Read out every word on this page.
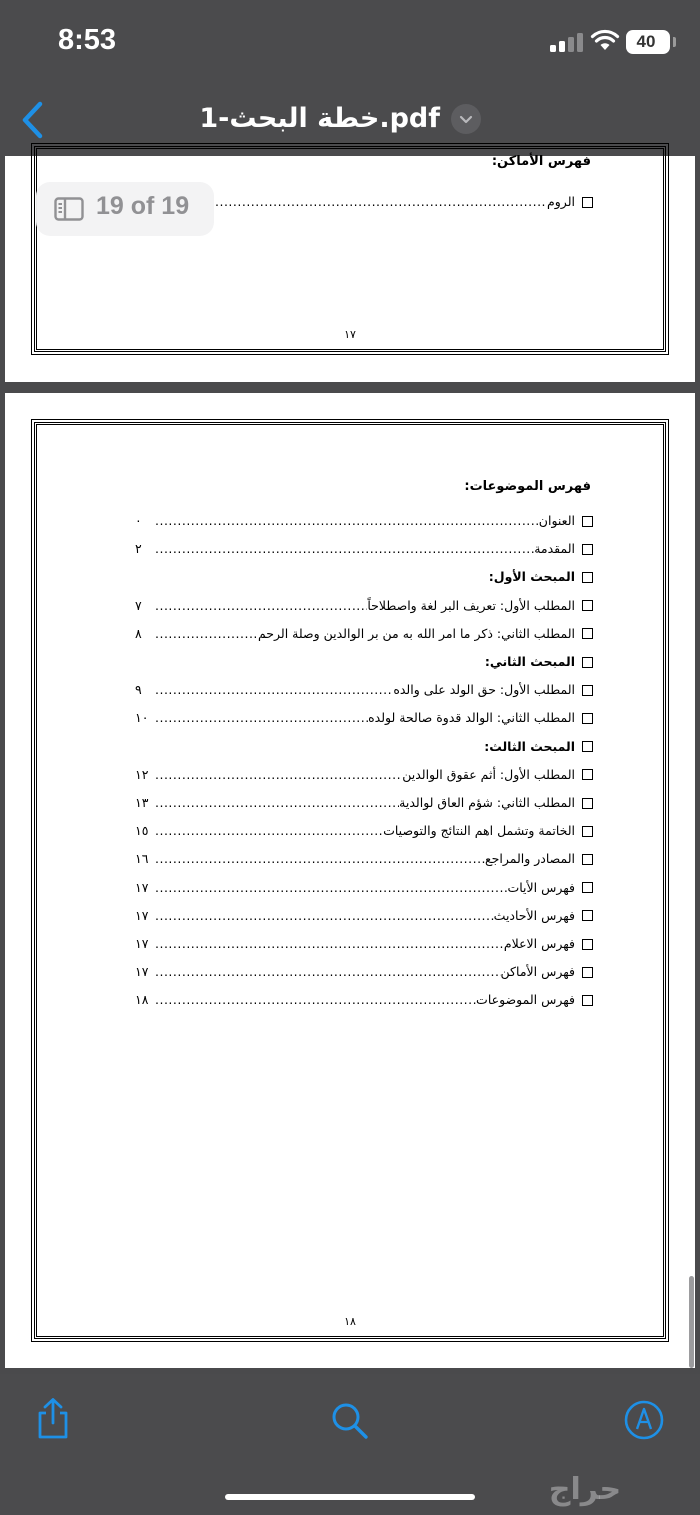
8:53	40
خطة البحث-1.pdf
فهرس الأماكن:
الروم
.....
١٧
فهرس الموضوعات:
العنوان
.....
٠
المقدمة
.....
٢
المبحث الأول:
المطلب الأول: تعريف البر لغة واصطلاحاً
.....
٧
المطلب الثاني: ذكر ما امر الله به من بر الوالدين وصلة الرحم
.....
٨
المبحث الثاني:
المطلب الأول: حق الولد على والده
.....
٩
المطلب الثاني: الوالد قدوة صالحة لولده
.....
١٠
المبحث الثالث:
المطلب الأول: أثم عقوق الوالدين
.....
١٢
المطلب الثاني: شؤم العاق لوالدية
.....
١٣
الخاتمة وتشمل اهم النتائج والتوصيات
.....
١٥
المصادر والمراجع
.....
١٦
فهرس الأيات
.....
١٧
فهرس الأحاديث
.....
١٧
فهرس الاعلام
.....
١٧
فهرس الأماكن
.....
١٧
فهرس الموضوعات
.....
١٨
١٨
19 of 19
حراج
